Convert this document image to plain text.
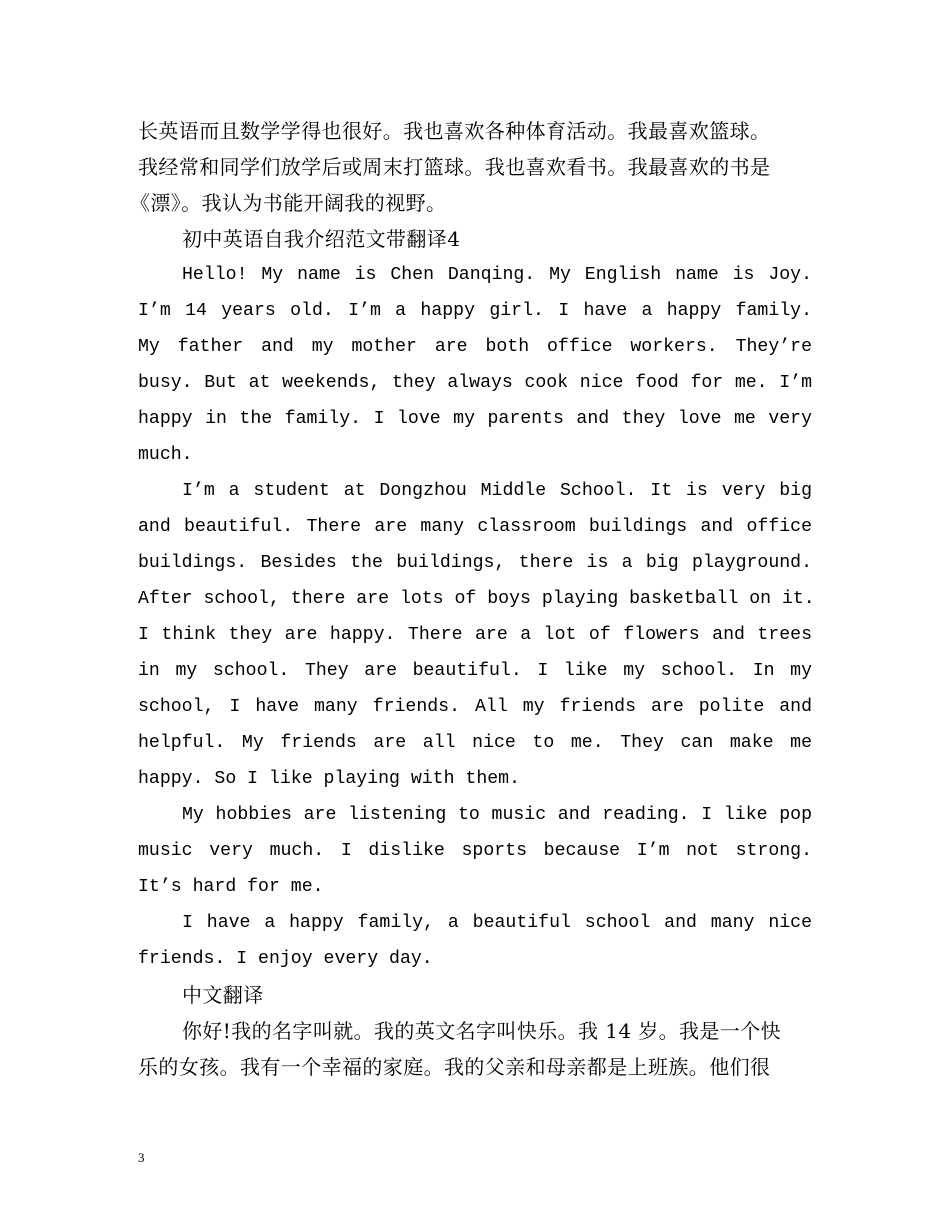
长英语而且数学学得也很好。我也喜欢各种体育活动。我最喜欢篮球。

我经常和同学们放学后或周末打篮球。我也喜欢看书。我最喜欢的书是

《漂》。我认为书能开阔我的视野。

初中英语自我介绍范文带翻译4

Hello! My name is Chen Danqing. My English name is Joy.

I’m 14 years old. I’m a happy girl. I have a happy family.

My father and my mother are both office workers. They’re

busy. But at weekends, they always cook nice food for me. I’m

happy in the family. I love my parents and they love me very

much.

I’m a student at Dongzhou Middle School. It is very big

and beautiful. There are many classroom buildings and office

buildings. Besides the buildings, there is a big playground.

After school, there are lots of boys playing basketball on it.

I think they are happy. There are a lot of flowers and trees

in my school. They are beautiful. I like my school. In my

school, I have many friends. All my friends are polite and

helpful. My friends are all nice to me. They can make me

happy. So I like playing with them.

My hobbies are listening to music and reading. I like pop

music very much. I dislike sports because I’m not strong.

It’s hard for me.

I have a happy family, a beautiful school and many nice

friends. I enjoy every day.

中文翻译

你好!我的名字叫就。我的英文名字叫快乐。我 14 岁。我是一个快

乐的女孩。我有一个幸福的家庭。我的父亲和母亲都是上班族。他们很

3
